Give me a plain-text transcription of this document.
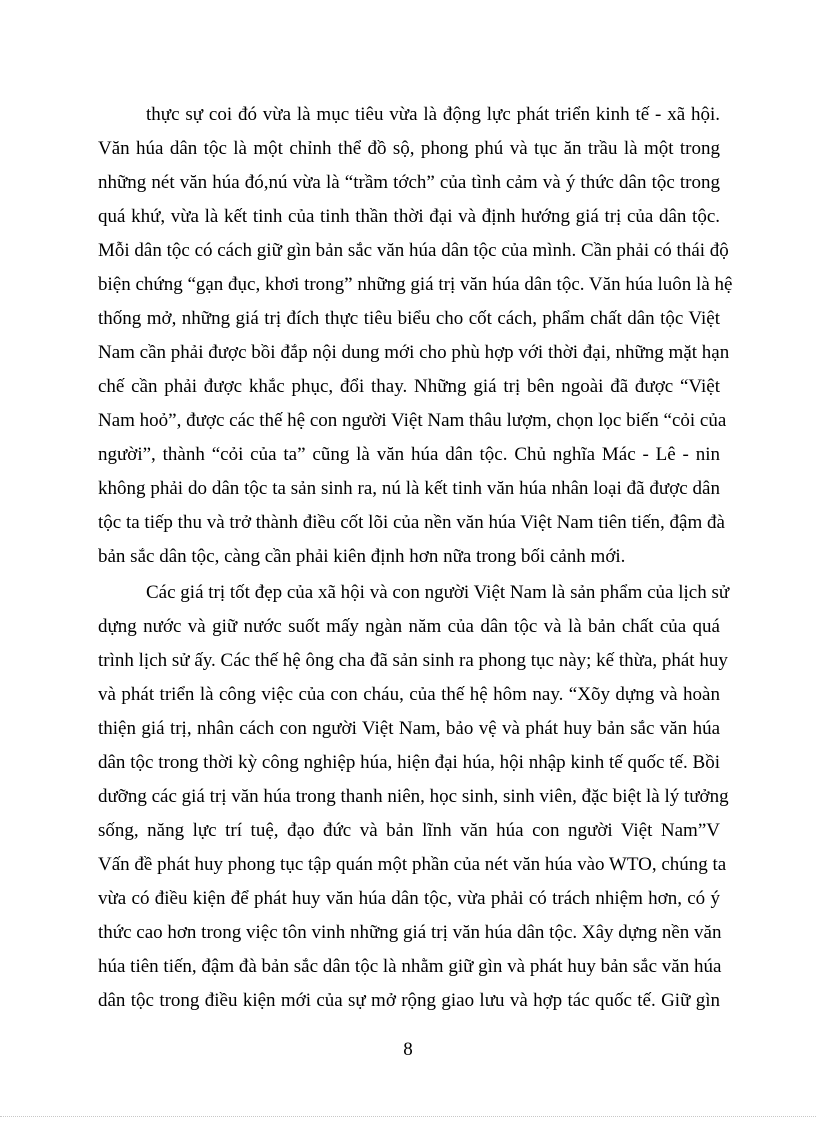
thực sự coi đó vừa là mục tiêu vừa là động lực phát triển kinh tế - xã hội.
Văn húa dân tộc là một chỉnh thể đồ sộ, phong phú và tục ăn trầu là một trong
những nét văn húa đó,nú vừa là “trầm tớch” của tình cảm và ý thức dân tộc trong
quá khứ, vừa là kết tinh của tinh thần thời đại và định hướng giá trị của dân tộc.
Mỗi dân tộc có cách giữ gìn bản sắc văn húa dân tộc của mình. Cần phải có thái độ
biện chứng “gạn đục, khơi trong” những giá trị văn húa dân tộc. Văn húa luôn là hệ
thống mở, những giá trị đích thực tiêu biểu cho cốt cách, phẩm chất dân tộc Việt
Nam cần phải được bồi đắp nội dung mới cho phù hợp với thời đại, những mặt hạn
chế cần phải được khắc phục, đổi thay. Những giá trị bên ngoài đã được “Việt
Nam hoỏ”, được các thế hệ con người Việt Nam thâu lượm, chọn lọc biến “cỏi của
người”, thành “cỏi của ta” cũng là văn húa dân tộc. Chủ nghĩa Mác - Lê - nin
không phải do dân tộc ta sản sinh ra, nú là kết tinh văn húa nhân loại đã được dân
tộc ta tiếp thu và trở thành điều cốt lõi của nền văn húa Việt Nam tiên tiến, đậm đà
bản sắc dân tộc, càng cần phải kiên định hơn nữa trong bối cảnh mới.
Các giá trị tốt đẹp của xã hội và con người Việt Nam là sản phẩm của lịch sử
dựng nước và giữ nước suốt mấy ngàn năm của dân tộc và là bản chất của quá
trình lịch sử ấy. Các thế hệ ông cha đã sản sinh ra phong tục này; kế thừa, phát huy
và phát triển là công việc của con cháu, của thế hệ hôm nay. “Xõy dựng và hoàn
thiện giá trị, nhân cách con người Việt Nam, bảo vệ và phát huy bản sắc văn húa
dân tộc trong thời kỳ công nghiệp húa, hiện đại húa, hội nhập kinh tế quốc tế. Bồi
dưỡng các giá trị văn húa trong thanh niên, học sinh, sinh viên, đặc biệt là lý tưởng
sống, năng lực trí tuệ, đạo đức và bản lĩnh văn húa con người Việt Nam”V
Vấn đề phát huy phong tục tập quán một phần của nét văn húa vào WTO, chúng ta
vừa có điều kiện để phát huy văn húa dân tộc, vừa phải có trách nhiệm hơn, có ý
thức cao hơn trong việc tôn vinh những giá trị văn húa dân tộc. Xây dựng nền văn
húa tiên tiến, đậm đà bản sắc dân tộc là nhằm giữ gìn và phát huy bản sắc văn húa
dân tộc trong điều kiện mới của sự mở rộng giao lưu và hợp tác quốc tế. Giữ gìn
8
